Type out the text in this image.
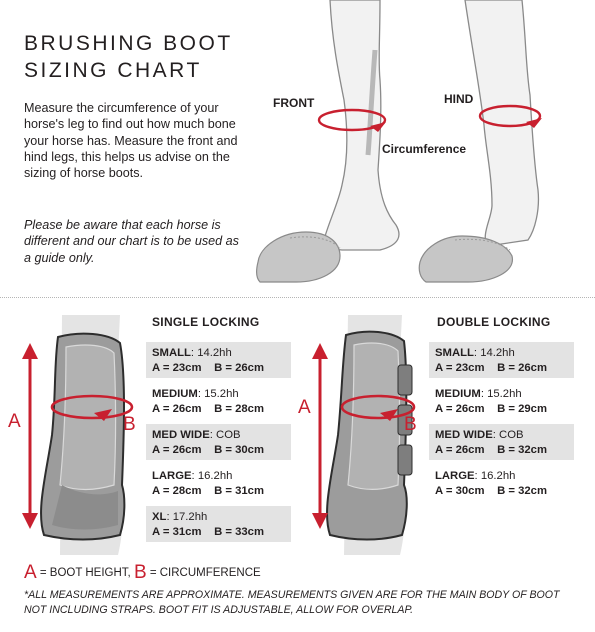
BRUSHING BOOT
SIZING CHART
Measure the circumference of your horse's leg to find out how much bone your horse has. Measure the front and hind legs, this helps us advise on the sizing of horse boots.
Please be aware that each horse is different and our chart is to be used as a guide only.
FRONT	HIND
Circumference
A	B
A
B
SINGLE LOCKING
SMALL: 14.2hh
A = 23cm B = 26cm
MEDIUM: 15.2hh
A = 26cm B = 28cm
MED WIDE: COB
A = 26cm B = 30cm
LARGE: 16.2hh
A = 28cm B = 31cm
XL: 17.2hh
A = 31cm B = 33cm
DOUBLE LOCKING
SMALL: 14.2hh
A = 23cm B = 26cm
MEDIUM: 15.2hh
A = 26cm B = 29cm
MED WIDE: COB
A = 26cm B = 32cm
LARGE: 16.2hh
A = 30cm B = 32cm
A = BOOT HEIGHT, B = CIRCUMFERENCE
*ALL MEASUREMENTS ARE APPROXIMATE. MEASUREMENTS GIVEN ARE FOR THE MAIN BODY OF BOOT NOT INCLUDING STRAPS. BOOT FIT IS ADJUSTABLE, ALLOW FOR OVERLAP.
